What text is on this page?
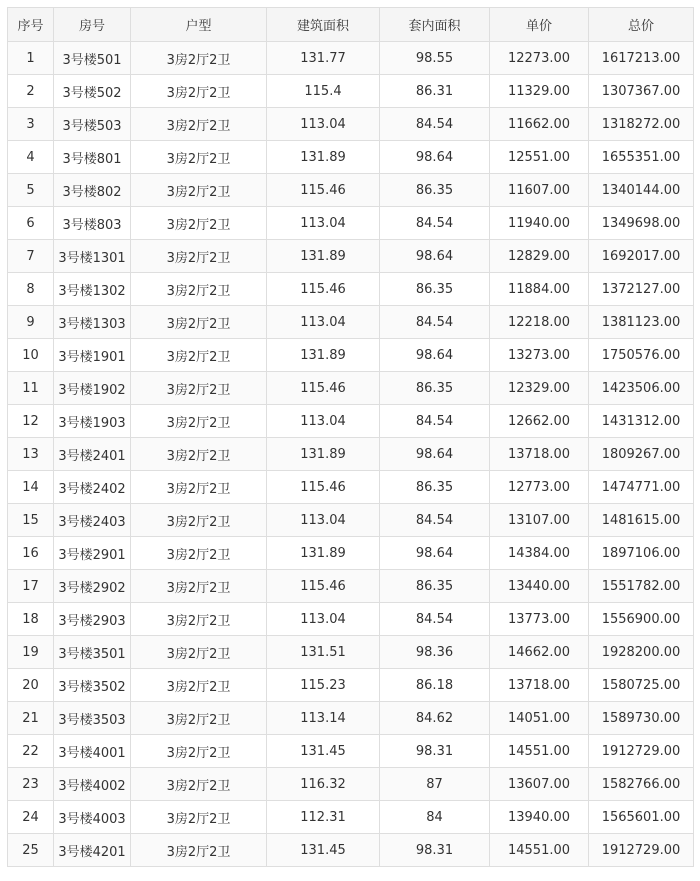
序号	房号	户型	建筑面积	套内面积	单价	总价
1	3号楼501	3房2厅2卫	131.77	98.55	12273.00	1617213.00
2	3号楼502	3房2厅2卫	115.4	86.31	11329.00	1307367.00
3	3号楼503	3房2厅2卫	113.04	84.54	11662.00	1318272.00
4	3号楼801	3房2厅2卫	131.89	98.64	12551.00	1655351.00
5	3号楼802	3房2厅2卫	115.46	86.35	11607.00	1340144.00
6	3号楼803	3房2厅2卫	113.04	84.54	11940.00	1349698.00
7	3号楼1301	3房2厅2卫	131.89	98.64	12829.00	1692017.00
8	3号楼1302	3房2厅2卫	115.46	86.35	11884.00	1372127.00
9	3号楼1303	3房2厅2卫	113.04	84.54	12218.00	1381123.00
10	3号楼1901	3房2厅2卫	131.89	98.64	13273.00	1750576.00
11	3号楼1902	3房2厅2卫	115.46	86.35	12329.00	1423506.00
12	3号楼1903	3房2厅2卫	113.04	84.54	12662.00	1431312.00
13	3号楼2401	3房2厅2卫	131.89	98.64	13718.00	1809267.00
14	3号楼2402	3房2厅2卫	115.46	86.35	12773.00	1474771.00
15	3号楼2403	3房2厅2卫	113.04	84.54	13107.00	1481615.00
16	3号楼2901	3房2厅2卫	131.89	98.64	14384.00	1897106.00
17	3号楼2902	3房2厅2卫	115.46	86.35	13440.00	1551782.00
18	3号楼2903	3房2厅2卫	113.04	84.54	13773.00	1556900.00
19	3号楼3501	3房2厅2卫	131.51	98.36	14662.00	1928200.00
20	3号楼3502	3房2厅2卫	115.23	86.18	13718.00	1580725.00
21	3号楼3503	3房2厅2卫	113.14	84.62	14051.00	1589730.00
22	3号楼4001	3房2厅2卫	131.45	98.31	14551.00	1912729.00
23	3号楼4002	3房2厅2卫	116.32	87	13607.00	1582766.00
24	3号楼4003	3房2厅2卫	112.31	84	13940.00	1565601.00
25	3号楼4201	3房2厅2卫	131.45	98.31	14551.00	1912729.00
